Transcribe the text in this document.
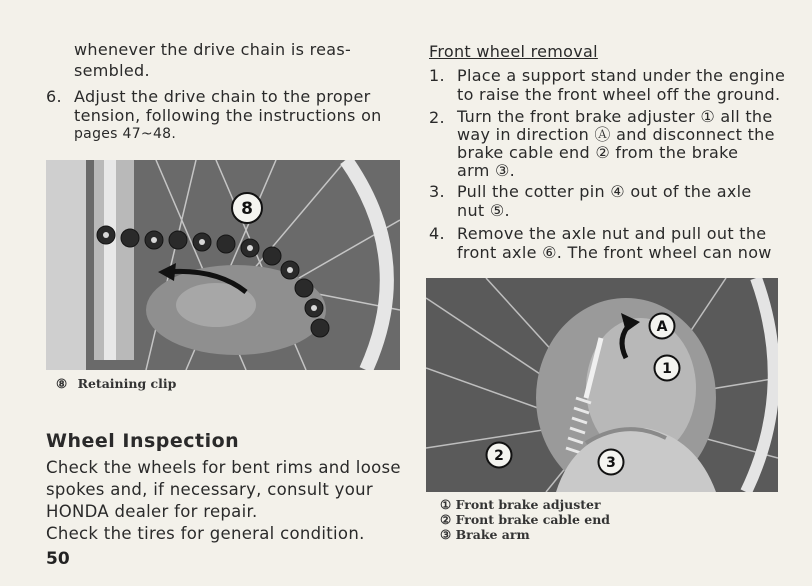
whenever the drive chain is reas-
sembled.
6. Adjust the drive chain to the proper
tension, following the instructions on
pages 47~48.
8
⑧ Retaining clip
Wheel Inspection
Check the wheels for bent rims and loose
spokes and, if necessary, consult your
HONDA dealer for repair.
Check the tires for general condition.
50
Front wheel removal
1. Place a support stand under the engine
to raise the front wheel off the ground.
2. Turn the front brake adjuster ① all the
way in direction Ⓐ and disconnect the
brake cable end ② from the brake
arm ③.
3. Pull the cotter pin ④ out of the axle
nut ⑤.
4. Remove the axle nut and pull out the
front axle ⑥. The front wheel can now
A
1
2	3
① Front brake adjuster
② Front brake cable end
③ Brake arm
